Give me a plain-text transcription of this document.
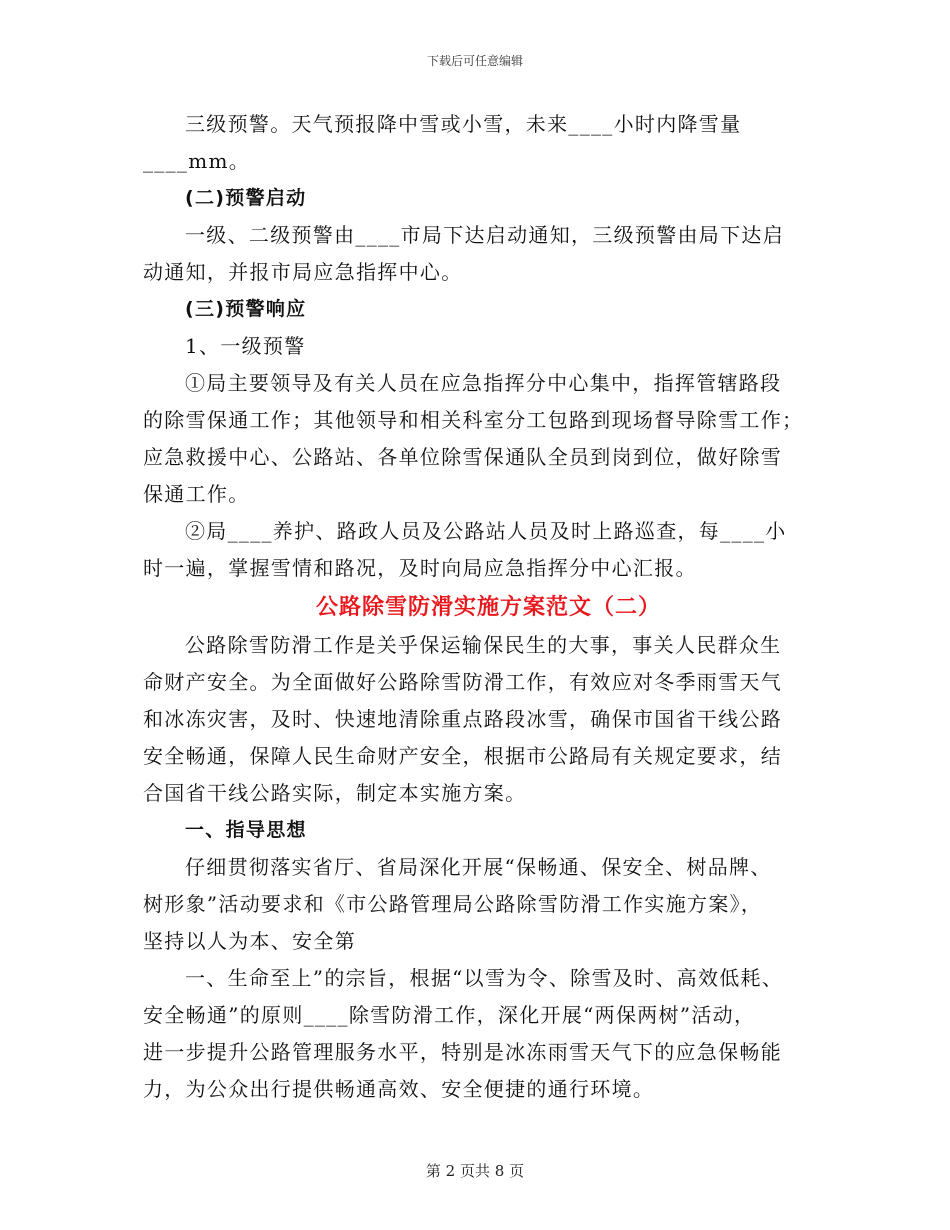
下载后可任意编辑
三级预警。天气预报降中雪或小雪，未来____小时内降雪量
____mm。
(二)预警启动
一级、二级预警由____市局下达启动通知，三级预警由局下达启
动通知，并报市局应急指挥中心。
(三)预警响应
1、一级预警
①局主要领导及有关人员在应急指挥分中心集中，指挥管辖路段
的除雪保通工作；其他领导和相关科室分工包路到现场督导除雪工作；
应急救援中心、公路站、各单位除雪保通队全员到岗到位，做好除雪
保通工作。
②局____养护、路政人员及公路站人员及时上路巡查，每____小
时一遍，掌握雪情和路况，及时向局应急指挥分中心汇报。
公路除雪防滑实施方案范文（二）
公路除雪防滑工作是关乎保运输保民生的大事，事关人民群众生
命财产安全。为全面做好公路除雪防滑工作，有效应对冬季雨雪天气
和冰冻灾害，及时、快速地清除重点路段冰雪，确保市国省干线公路
安全畅通，保障人民生命财产安全，根据市公路局有关规定要求，结
合国省干线公路实际，制定本实施方案。
一、指导思想
仔细贯彻落实省厅、省局深化开展“保畅通、保安全、树品牌、
树形象”活动要求和《市公路管理局公路除雪防滑工作实施方案》，
坚持以人为本、安全第
一、生命至上”的宗旨，根据“以雪为令、除雪及时、高效低耗、
安全畅通”的原则____除雪防滑工作，深化开展“两保两树”活动，
进一步提升公路管理服务水平，特别是冰冻雨雪天气下的应急保畅能
力，为公众出行提供畅通高效、安全便捷的通行环境。
第 2 页共 8 页
